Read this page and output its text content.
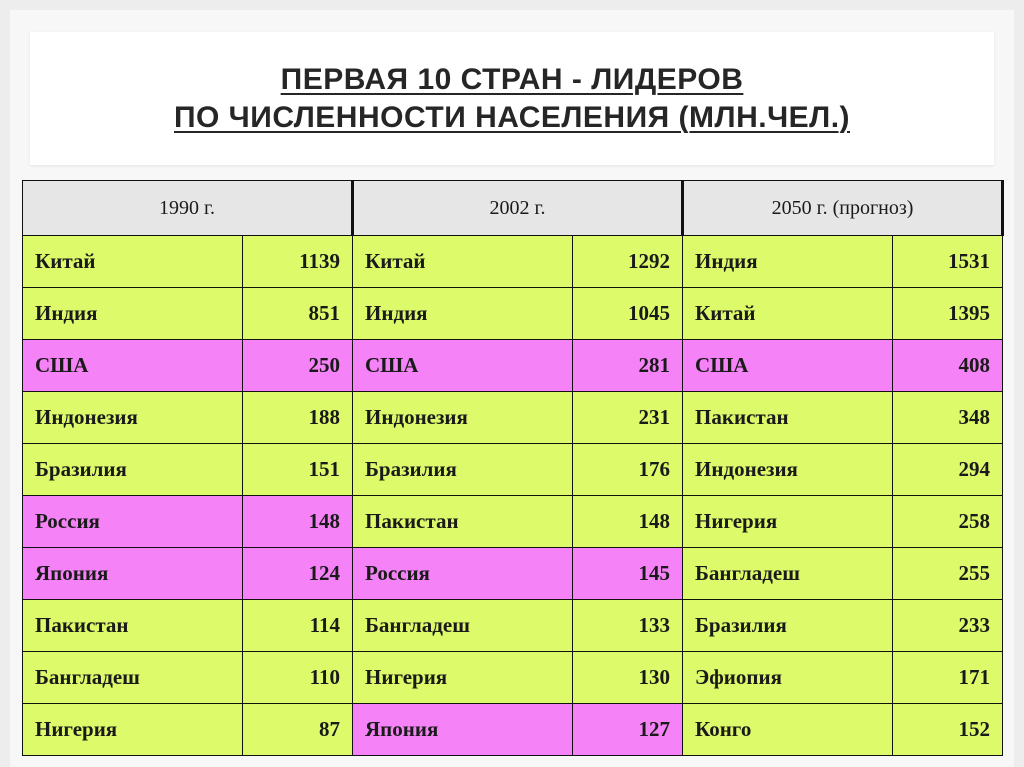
ПЕРВАЯ 10 СТРАН - ЛИДЕРОВ
ПО ЧИСЛЕННОСТИ НАСЕЛЕНИЯ (МЛН.ЧЕЛ.)
1990 г.		2002 г.		2050 г. (прогноз)	
Китай	1139	Китай	1292	Индия	1531
Индия	851	Индия	1045	Китай	1395
США	250	США	281	США	408
Индонезия	188	Индонезия	231	Пакистан	348
Бразилия	151	Бразилия	176	Индонезия	294
Россия	148	Пакистан	148	Нигерия	258
Япония	124	Россия	145	Бангладеш	255
Пакистан	114	Бангладеш	133	Бразилия	233
Бангладеш	110	Нигерия	130	Эфиопия	171
Нигерия	87	Япония	127	Конго	152
